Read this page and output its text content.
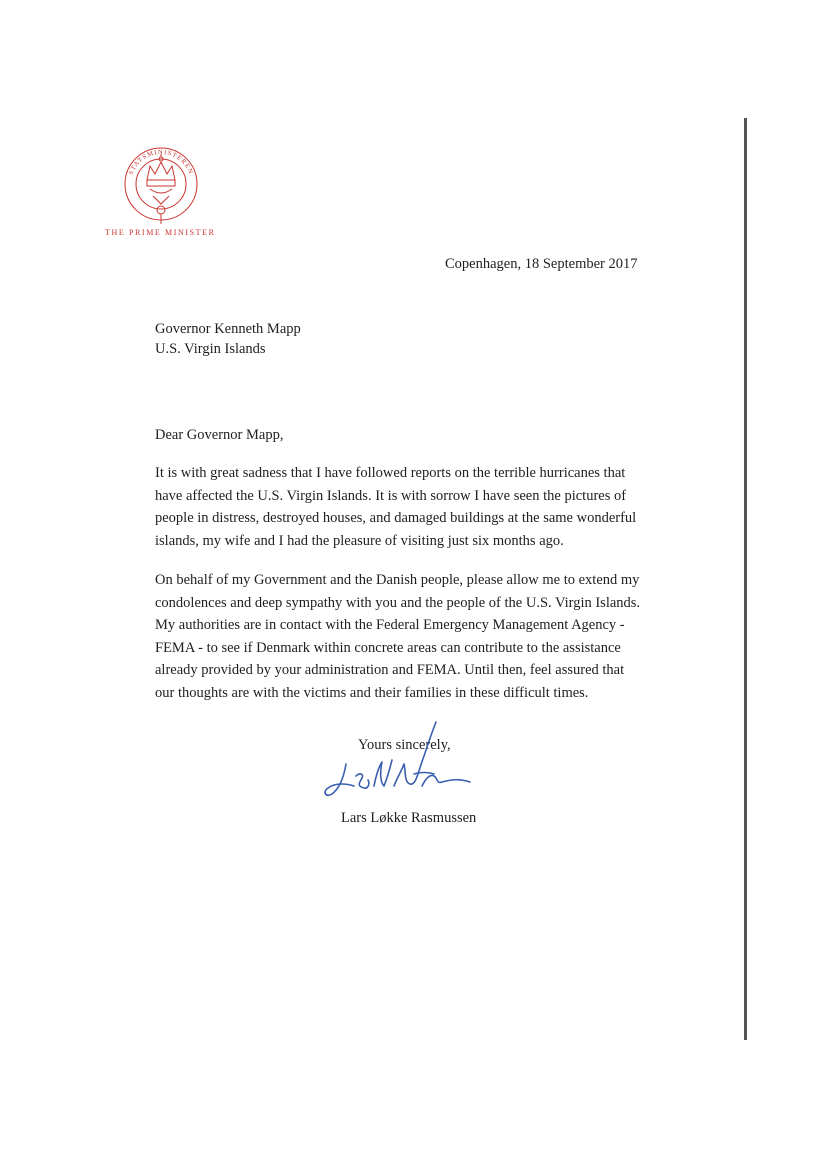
STATSMINISTEREN
THE PRIME MINISTER
Copenhagen, 18 September 2017
Governor Kenneth Mapp
U.S. Virgin Islands
Dear Governor Mapp,
It is with great sadness that I have followed reports on the terrible hurricanes that
have affected the U.S. Virgin Islands. It is with sorrow I have seen the pictures of
people in distress, destroyed houses, and damaged buildings at the same wonderful
islands, my wife and I had the pleasure of visiting just six months ago.
On behalf of my Government and the Danish people, please allow me to extend my
condolences and deep sympathy with you and the people of the U.S. Virgin Islands.
My authorities are in contact with the Federal Emergency Management Agency -
FEMA - to see if Denmark within concrete areas can contribute to the assistance
already provided by your administration and FEMA. Until then, feel assured that
our thoughts are with the victims and their families in these difficult times.
Yours sincerely,
Lars Løkke Rasmussen
